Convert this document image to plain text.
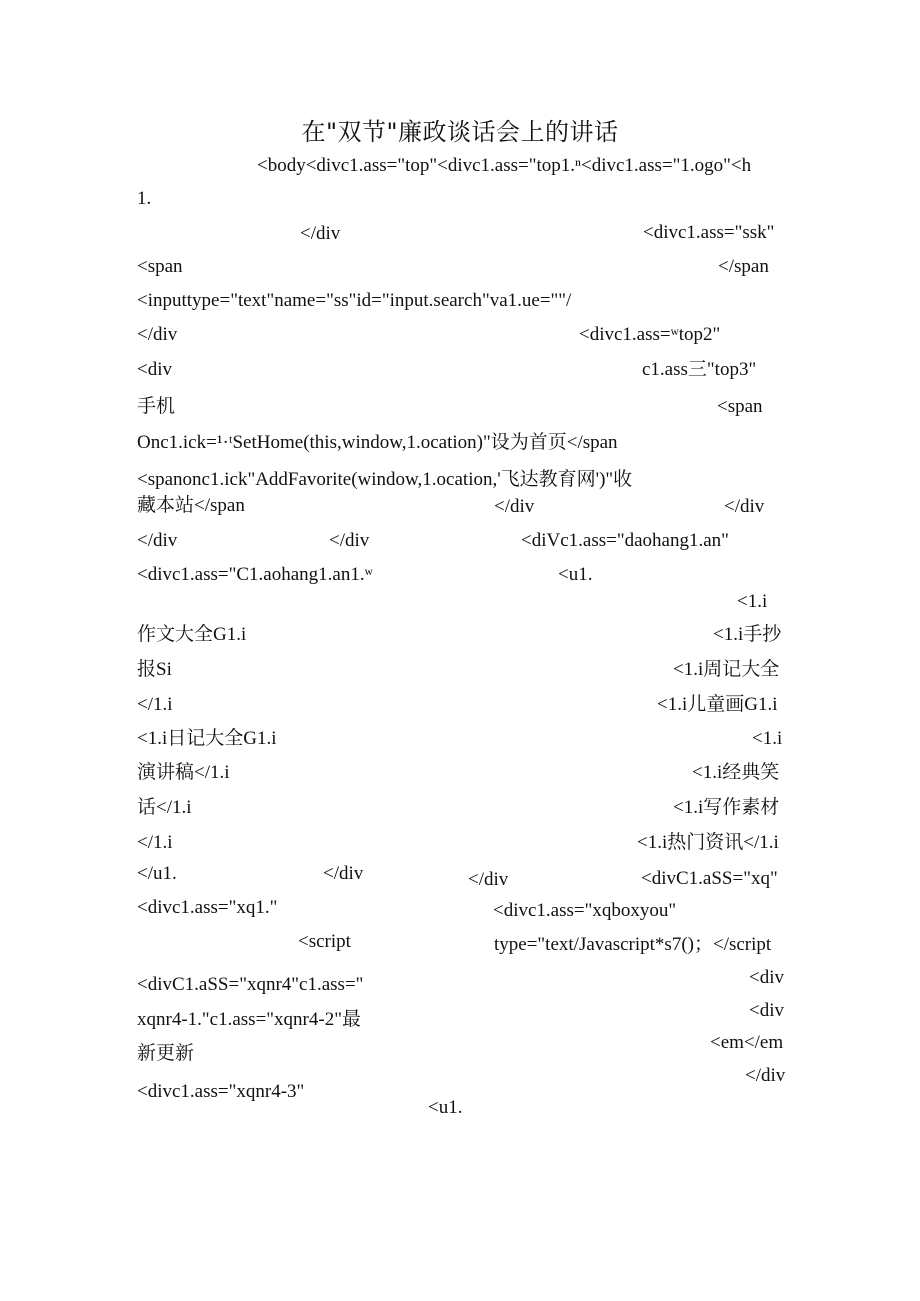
在"双节"廉政谈话会上的讲话
<body<divc1.ass="top"<divc1.ass="top1.ⁿ<divc1.ass="1.ogo"<h
1.
</div	<divc1.ass="ssk"
<span	</span
<inputtype="text"name="ss"id="input.search"va1.ue=""/
</div	<divc1.ass=ʷtop2"
<div	c1.ass三"top3"
手机	<span
Onc1.ick=¹·ᵗSetHome(this,window,1.ocation)"设为首页</span
<spanonc1.ick"AddFavorite(window,1.ocation,'飞达教育网')"收
藏本站</span	</div	</div
</div	</div	<diVc1.ass="daohang1.an"
<divc1.ass="C1.aohang1.an1.ʷ	<u1.
<1.i
作文大全G1.i	<1.i手抄
报Si	<1.i周记大全
</1.i	<1.i儿童画G1.i
<1.i日记大全G1.i	<1.i
演讲稿</1.i	<1.i经典笑
话</1.i	<1.i写作素材
</1.i	<1.i热门资讯</1.i
</u1.	</div	</div	<divC1.aSS="xq"
<divc1.ass="xq1."	<divc1.ass="xqboxyou"
<script	type="text/Javascript*s7()；</script
<div
<divC1.aSS="xqnr4"c1.ass="
<div
xqnr4-1."c1.ass="xqnr4-2"最
<em</em
新更新
</div
<divc1.ass="xqnr4-3"
<u1.
